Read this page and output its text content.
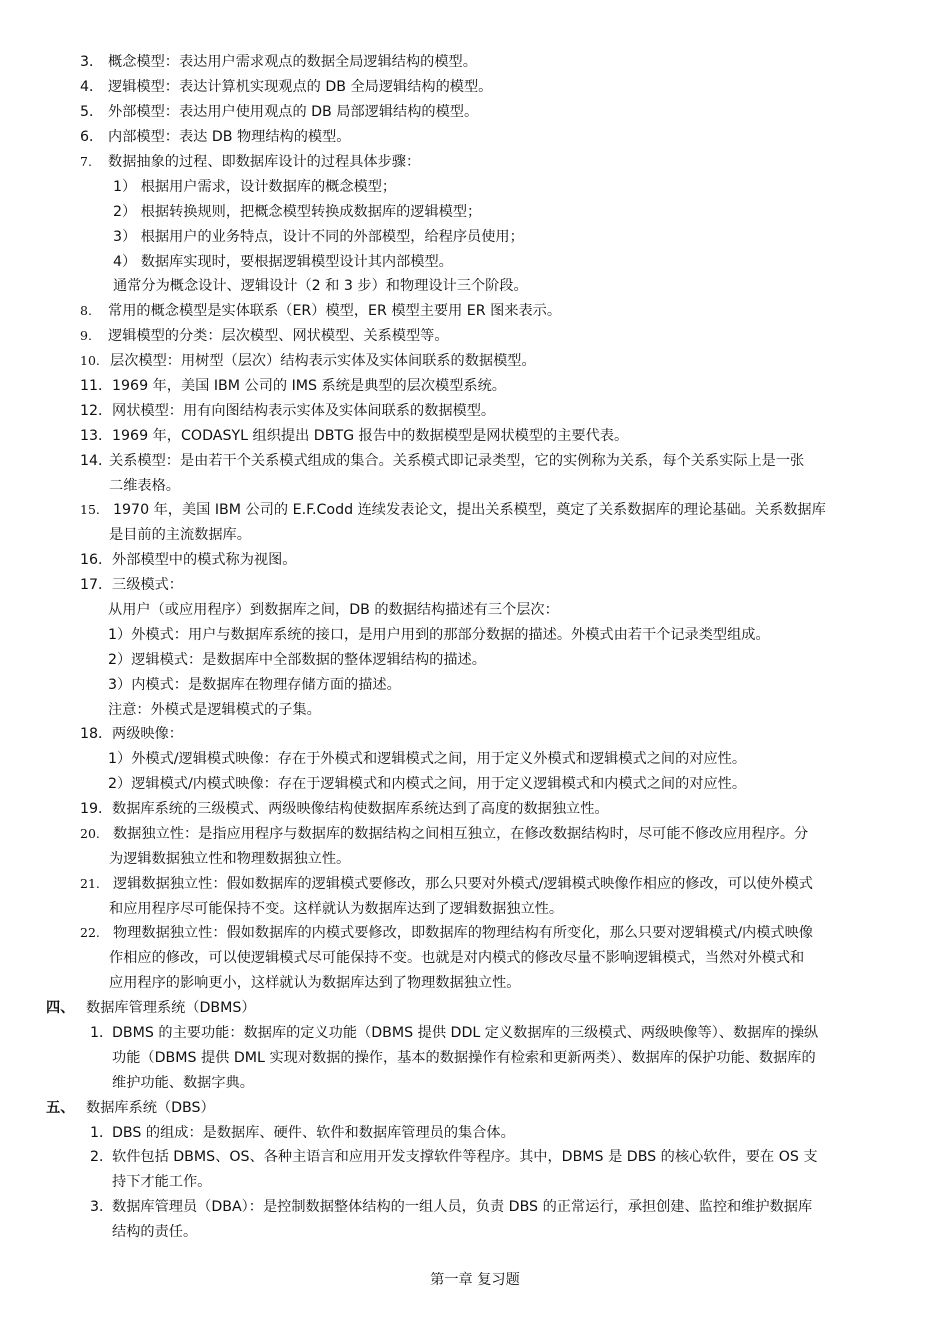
3． 概念模型：表达用户需求观点的数据全局逻辑结构的模型。
4． 逻辑模型：表达计算机实现观点的 DB 全局逻辑结构的模型。
5． 外部模型：表达用户使用观点的 DB 局部逻辑结构的模型。
6． 内部模型：表达 DB 物理结构的模型。
7. 数据抽象的过程、即数据库设计的过程具体步骤：
1） 根据用户需求，设计数据库的概念模型；
2） 根据转换规则，把概念模型转换成数据库的逻辑模型；
3） 根据用户的业务特点，设计不同的外部模型，给程序员使用；
4） 数据库实现时，要根据逻辑模型设计其内部模型。
通常分为概念设计、逻辑设计（2 和 3 步）和物理设计三个阶段。
8. 常用的概念模型是实体联系（ER）模型，ER 模型主要用 ER 图来表示。
9. 逻辑模型的分类：层次模型、网状模型、关系模型等。
10. 层次模型：用树型（层次）结构表示实体及实体间联系的数据模型。
11．1969 年，美国 IBM 公司的 IMS 系统是典型的层次模型系统。
12．网状模型：用有向图结构表示实体及实体间联系的数据模型。
13．1969 年，CODASYL 组织提出 DBTG 报告中的数据模型是网状模型的主要代表。
14．关系模型：是由若干个关系模式组成的集合。关系模式即记录类型，它的实例称为关系，每个关系实际上是一张
二维表格。
15. 1970 年，美国 IBM 公司的 E.F.Codd 连续发表论文，提出关系模型，奠定了关系数据库的理论基础。关系数据库
是目前的主流数据库。
16．外部模型中的模式称为视图。
17．三级模式：
从用户（或应用程序）到数据库之间，DB 的数据结构描述有三个层次：
1）外模式：用户与数据库系统的接口，是用户用到的那部分数据的描述。外模式由若干个记录类型组成。
2）逻辑模式：是数据库中全部数据的整体逻辑结构的描述。
3）内模式：是数据库在物理存储方面的描述。
注意：外模式是逻辑模式的子集。
18．两级映像：
1）外模式/逻辑模式映像：存在于外模式和逻辑模式之间，用于定义外模式和逻辑模式之间的对应性。
2）逻辑模式/内模式映像：存在于逻辑模式和内模式之间，用于定义逻辑模式和内模式之间的对应性。
19．数据库系统的三级模式、两级映像结构使数据库系统达到了高度的数据独立性。
20. 数据独立性：是指应用程序与数据库的数据结构之间相互独立，在修改数据结构时，尽可能不修改应用程序。分
为逻辑数据独立性和物理数据独立性。
21. 逻辑数据独立性：假如数据库的逻辑模式要修改，那么只要对外模式/逻辑模式映像作相应的修改，可以使外模式
和应用程序尽可能保持不变。这样就认为数据库达到了逻辑数据独立性。
22. 物理数据独立性：假如数据库的内模式要修改，即数据库的物理结构有所变化，那么只要对逻辑模式/内模式映像
作相应的修改，可以使逻辑模式尽可能保持不变。也就是对内模式的修改尽量不影响逻辑模式，当然对外模式和
应用程序的影响更小，这样就认为数据库达到了物理数据独立性。
四、 数据库管理系统（DBMS）
1．DBMS 的主要功能：数据库的定义功能（DBMS 提供 DDL 定义数据库的三级模式、两级映像等）、数据库的操纵
功能（DBMS 提供 DML 实现对数据的操作，基本的数据操作有检索和更新两类）、数据库的保护功能、数据库的
维护功能、数据字典。
五、 数据库系统（DBS）
1．DBS 的组成：是数据库、硬件、软件和数据库管理员的集合体。
2．软件包括 DBMS、OS、各种主语言和应用开发支撑软件等程序。其中，DBMS 是 DBS 的核心软件，要在 OS 支
持下才能工作。
3．数据库管理员（DBA）：是控制数据整体结构的一组人员，负责 DBS 的正常运行，承担创建、监控和维护数据库
结构的责任。
第一章 复习题
